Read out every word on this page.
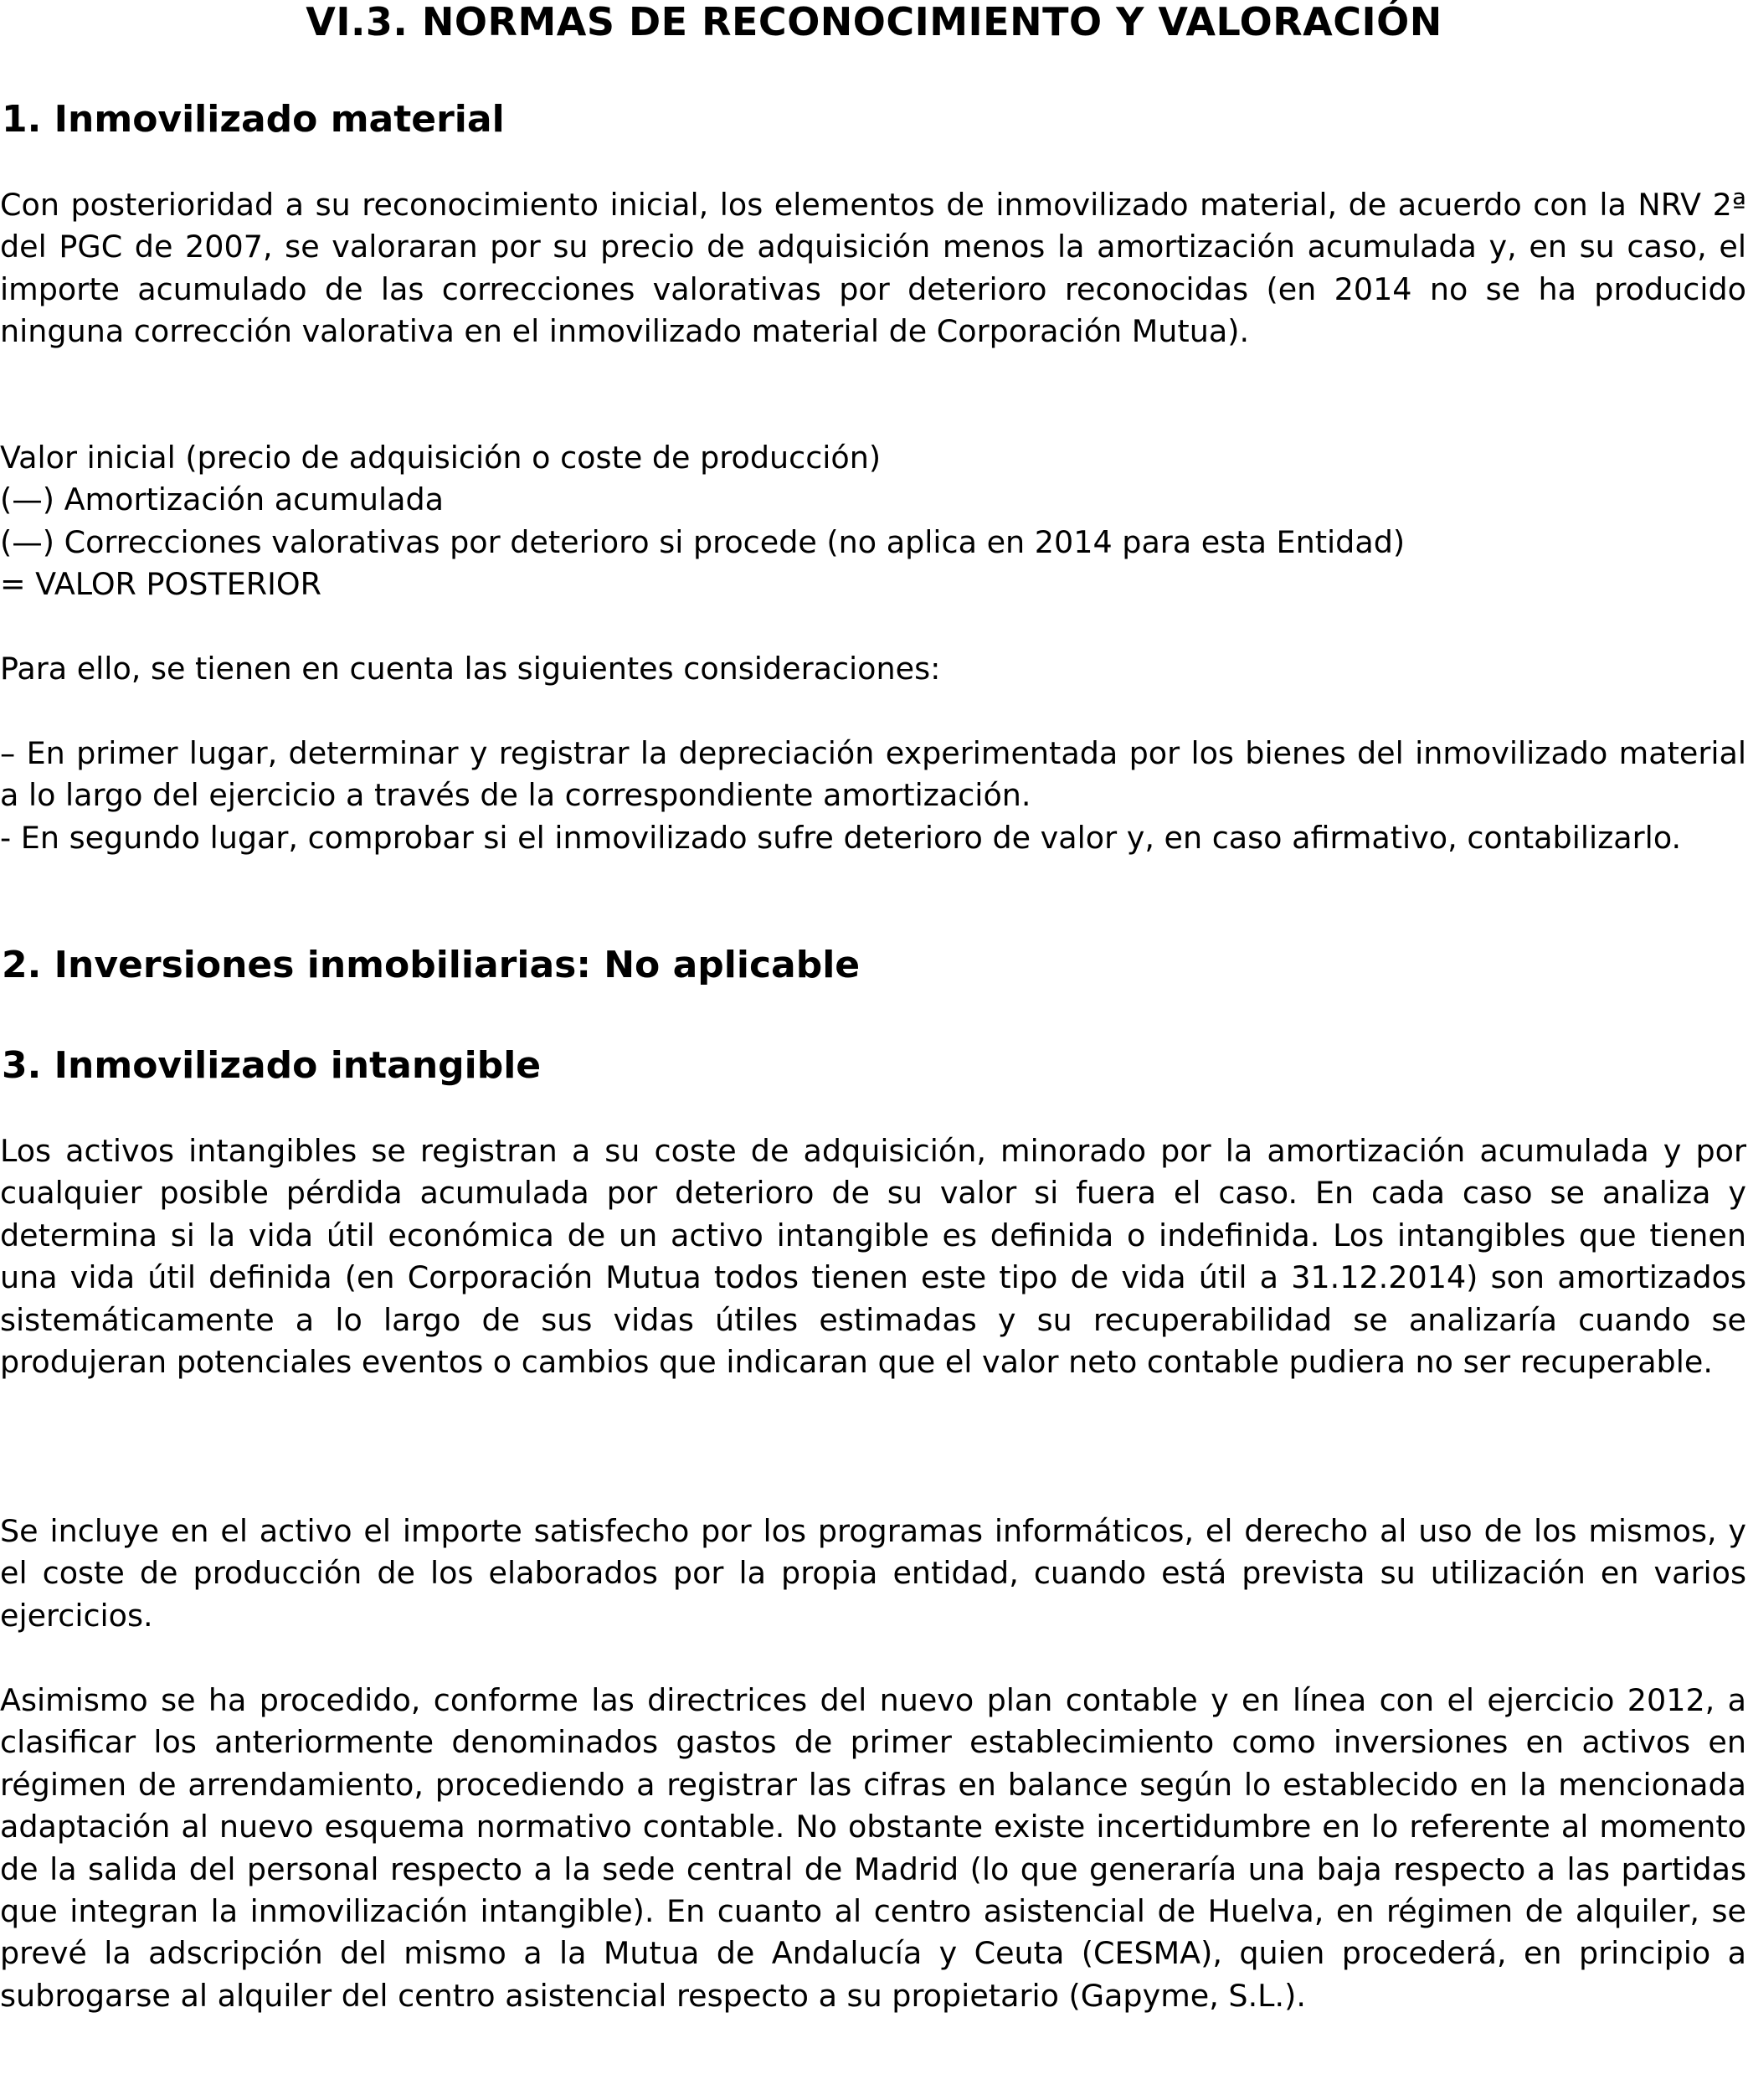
VI.3. NORMAS DE RECONOCIMIENTO Y VALORACIÓN
1. Inmovilizado material

Con posterioridad a su reconocimiento inicial, los elementos de inmovilizado material, de acuerdo con la NRV 2ª del PGC de 2007, se valoraran por su precio de adquisición menos la amortización acumulada y, en su caso, el importe acumulado de las correcciones valorativas por deterioro reconocidas (en 2014 no se ha producido ninguna corrección valorativa en el inmovilizado material de Corporación Mutua).

Valor inicial (precio de adquisición o coste de producción)

(—) Amortización acumulada

(—) Correcciones valorativas por deterioro si procede (no aplica en 2014 para esta Entidad)

= VALOR POSTERIOR

Para ello, se tienen en cuenta las siguientes consideraciones:

– En primer lugar, determinar y registrar la depreciación experimentada por los bienes del inmovilizado material a lo largo del ejercicio a través de la correspondiente amortización.

- En segundo lugar, comprobar si el inmovilizado sufre deterioro de valor y, en caso afirmativo, contabilizarlo.

2. Inversiones inmobiliarias: No aplicable
3. Inmovilizado intangible

Los activos intangibles se registran a su coste de adquisición, minorado por la amortización acumulada y por cualquier posible pérdida acumulada por deterioro de su valor si fuera el caso. En cada caso se analiza y determina si la vida útil económica de un activo intangible es definida o indefinida. Los intangibles que tienen una vida útil definida (en Corporación Mutua todos tienen este tipo de vida útil a 31.12.2014) son amortizados sistemáticamente a lo largo de sus vidas útiles estimadas y su recuperabilidad se analizaría cuando se produjeran potenciales eventos o cambios que indicaran que el valor neto contable pudiera no ser recuperable.

Se incluye en el activo el importe satisfecho por los programas informáticos, el derecho al uso de los mismos, y el coste de producción de los elaborados por la propia entidad, cuando está prevista su utilización en varios ejercicios.

Asimismo se ha procedido, conforme las directrices del nuevo plan contable y en línea con el ejercicio 2012, a clasificar los anteriormente denominados gastos de primer establecimiento como inversiones en activos en régimen de arrendamiento, procediendo a registrar las cifras en balance según lo establecido en la mencionada adaptación al nuevo esquema normativo contable. No obstante existe incertidumbre en lo referente al momento de la salida del personal respecto a la sede central de Madrid (lo que generaría una baja respecto a las partidas que integran la inmovilización intangible). En cuanto al centro asistencial de Huelva, en régimen de alquiler, se prevé la adscripción del mismo a la Mutua de Andalucía y Ceuta (CESMA), quien procederá, en principio a subrogarse al alquiler del centro asistencial respecto a su propietario (Gapyme, S.L.).
